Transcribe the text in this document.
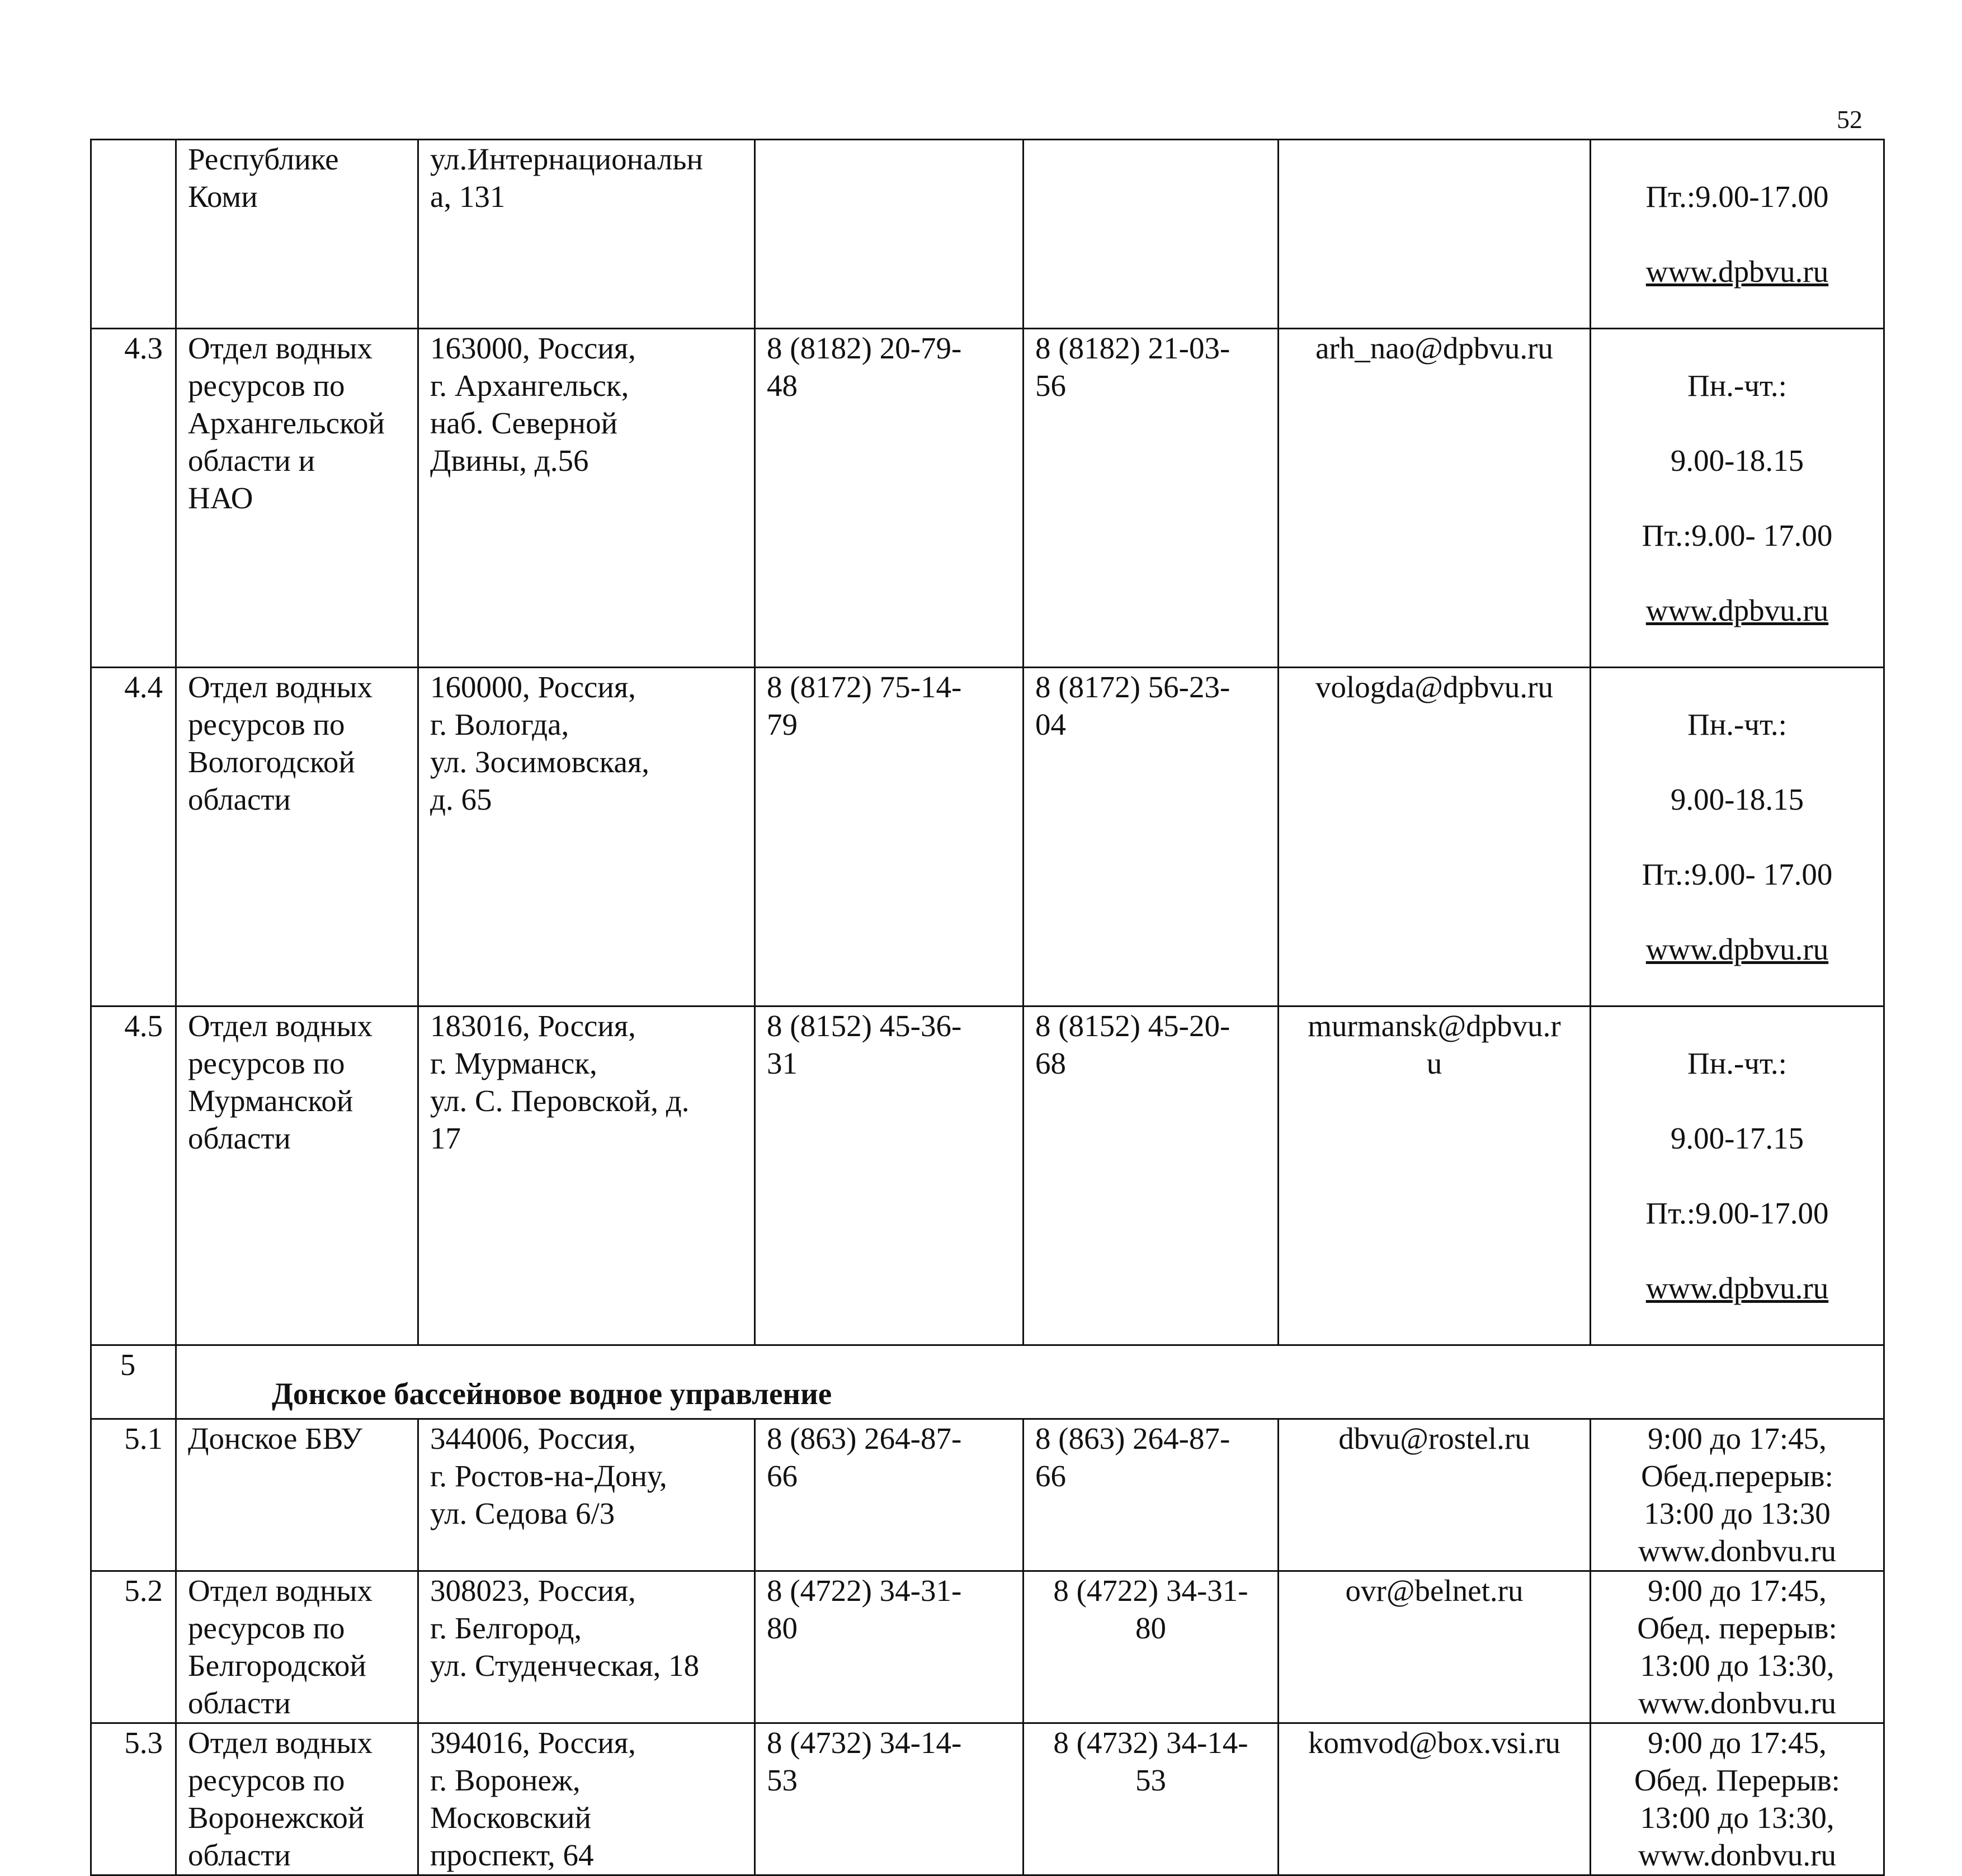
52
	Республике
Коми	ул.Интернациональн
а, 131				Пт.:9.00-17.00

www.dpbvu.ru

4.3	Отдел водных
ресурсов по
Архангельской
области и
НАО	163000, Россия,
г. Архангельск,
наб. Северной
Двины, д.56	8 (8182) 20-79-
48	8 (8182) 21-03-
56	arh_nao@dpbvu.ru	Пн.-чт.:

9.00-18.15

Пт.:9.00- 17.00

www.dpbvu.ru

4.4	Отдел водных
ресурсов по
Вологодской
области	160000, Россия,
г. Вологда,
ул. Зосимовская,
д. 65	8 (8172) 75-14-
79	8 (8172) 56-23-
04	vologda@dpbvu.ru	Пн.-чт.:

9.00-18.15

Пт.:9.00- 17.00

www.dpbvu.ru

4.5	Отдел водных
ресурсов по
Мурманской
области	183016, Россия,
г. Мурманск,
ул. С. Перовской, д.
17	8 (8152) 45-36-
31	8 (8152) 45-20-
68	murmansk@dpbvu.r
u	Пн.-чт.:

9.00-17.15

Пт.:9.00-17.00

www.dpbvu.ru

5	Донское бассейновое водное управление					
5.1	Донское БВУ	344006, Россия,
г. Ростов-на-Дону,
ул. Седова 6/3	8 (863) 264-87-
66	8 (863) 264-87-
66	dbvu@rostel.ru	9:00 до 17:45,
Обед.перерыв:
13:00 до 13:30
www.donbvu.ru
5.2	Отдел водных
ресурсов по
Белгородской
области	308023, Россия,
г. Белгород,
ул. Студенческая, 18	8 (4722) 34-31-
80	8 (4722) 34-31-
80	ovr@belnet.ru	9:00 до 17:45,
Обед. перерыв:
13:00 до 13:30,
www.donbvu.ru
5.3	Отдел водных
ресурсов по
Воронежской
области	394016, Россия,
г. Воронеж,
Московский
проспект, 64	8 (4732) 34-14-
53	8 (4732) 34-14-
53	komvod@box.vsi.ru	9:00 до 17:45,
Обед. Перерыв:
13:00 до 13:30,
www.donbvu.ru
